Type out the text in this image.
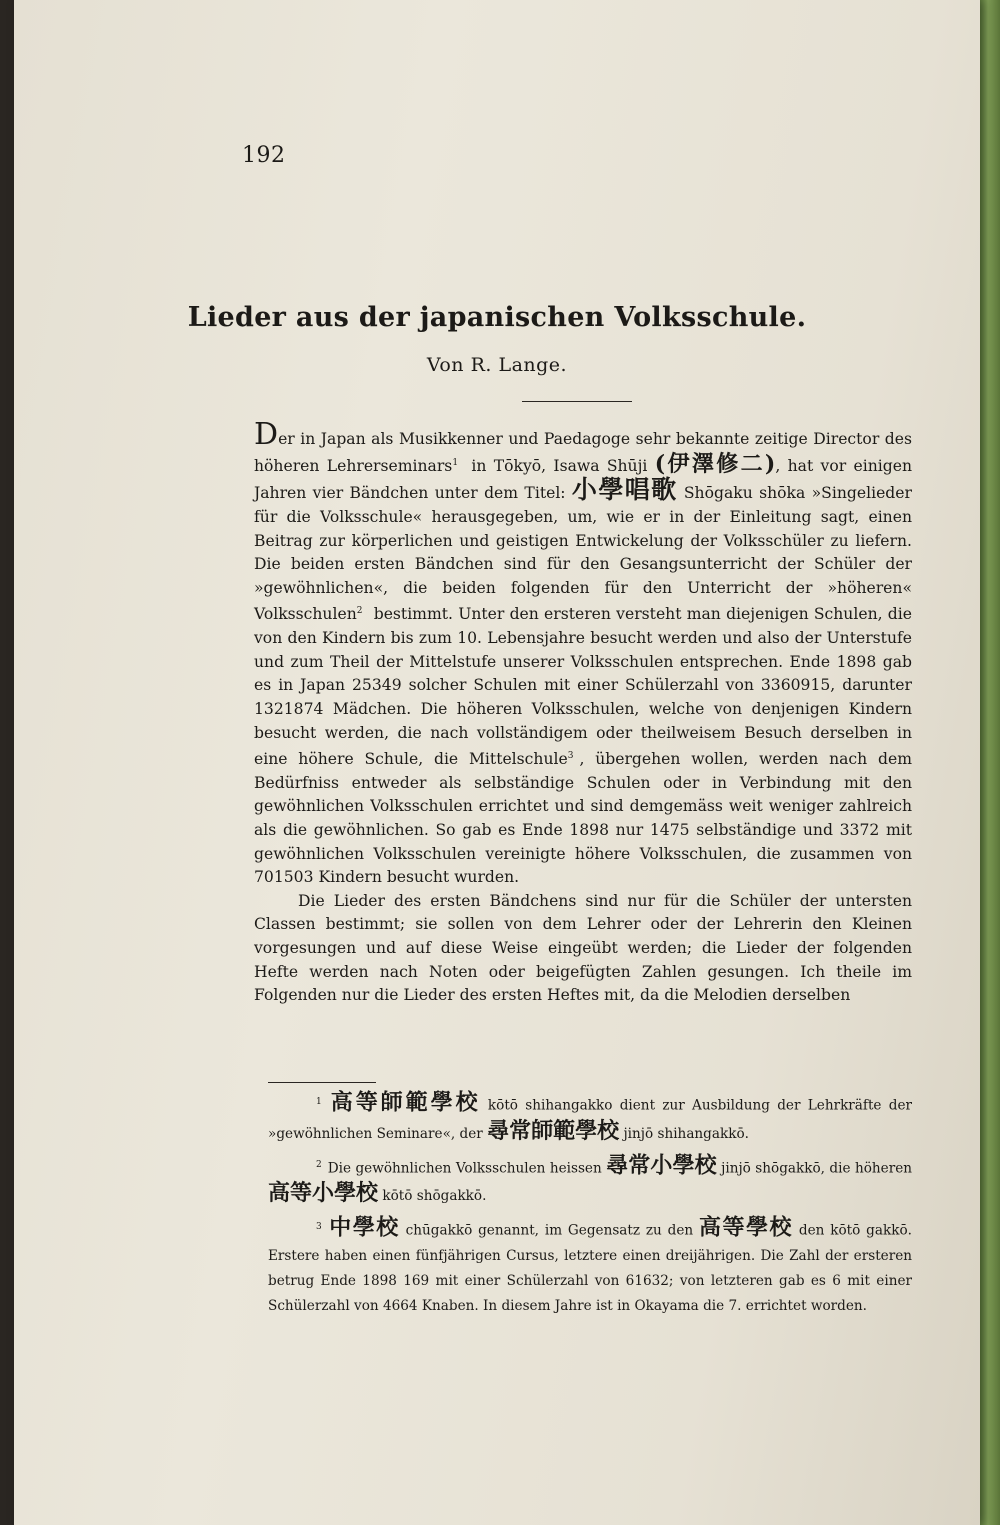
192
Lieder aus der japanischen Volksschule.
Von R. Lange.

Der in Japan als Musikkenner und Paedagoge sehr bekannte zeitige Director des höheren Lehrerseminars$^1$ in Tōkyō, Isawa Shūji (伊澤修二), hat vor einigen Jahren vier Bändchen unter dem Titel: 小學唱歌 Shōgaku shōka »Singelieder für die Volksschule« herausgegeben, um, wie er in der Einleitung sagt, einen Beitrag zur körperlichen und geistigen Entwickelung der Volksschüler zu liefern. Die beiden ersten Bändchen sind für den Gesangsunterricht der Schüler der »gewöhnlichen«, die beiden folgenden für den Unterricht der »höheren« Volksschulen$^2$ bestimmt. Unter den ersteren versteht man diejenigen Schulen, die von den Kindern bis zum 10. Lebensjahre besucht werden und also der Unterstufe und zum Theil der Mittelstufe unserer Volksschulen entsprechen. Ende 1898 gab es in Japan 25349 solcher Schulen mit einer Schülerzahl von 3360915, darunter 1321874 Mädchen. Die höheren Volksschulen, welche von denjenigen Kindern besucht werden, die nach vollständigem oder theilweisem Besuch derselben in eine höhere Schule, die Mittelschule$^3$ , übergehen wollen, werden nach dem Bedürfniss entweder als selbständige Schulen oder in Verbindung mit den gewöhnlichen Volksschulen errichtet und sind demgemäss weit weniger zahlreich als die gewöhnlichen. So gab es Ende 1898 nur 1475 selbständige und 3372 mit gewöhnlichen Volksschulen vereinigte höhere Volksschulen, die zusammen von 701503 Kindern besucht wurden.

Die Lieder des ersten Bändchens sind nur für die Schüler der untersten Classen bestimmt; sie sollen von dem Lehrer oder der Lehrerin den Kleinen vorgesungen und auf diese Weise eingeübt werden; die Lieder der folgenden Hefte werden nach Noten oder beigefügten Zahlen gesungen. Ich theile im Folgenden nur die Lieder des ersten Heftes mit, da die Melodien derselben

$^1$ 高等師範學校 kōtō shihangakko dient zur Ausbildung der Lehrkräfte der »gewöhnlichen Seminare«, der 尋常師範學校 jinjō shihangakkō.

$^2$ Die gewöhnlichen Volksschulen heissen 尋常小學校 jinjō shōgakkō, die höheren 高等小學校 kōtō shōgakkō.

$^3$ 中學校 chūgakkō genannt, im Gegensatz zu den 高等學校 den kōtō gakkō. Erstere haben einen fünfjährigen Cursus, letztere einen dreijährigen. Die Zahl der ersteren betrug Ende 1898 169 mit einer Schülerzahl von 61632; von letzteren gab es 6 mit einer Schülerzahl von 4664 Knaben. In diesem Jahre ist in Okayama die 7. errichtet worden.
